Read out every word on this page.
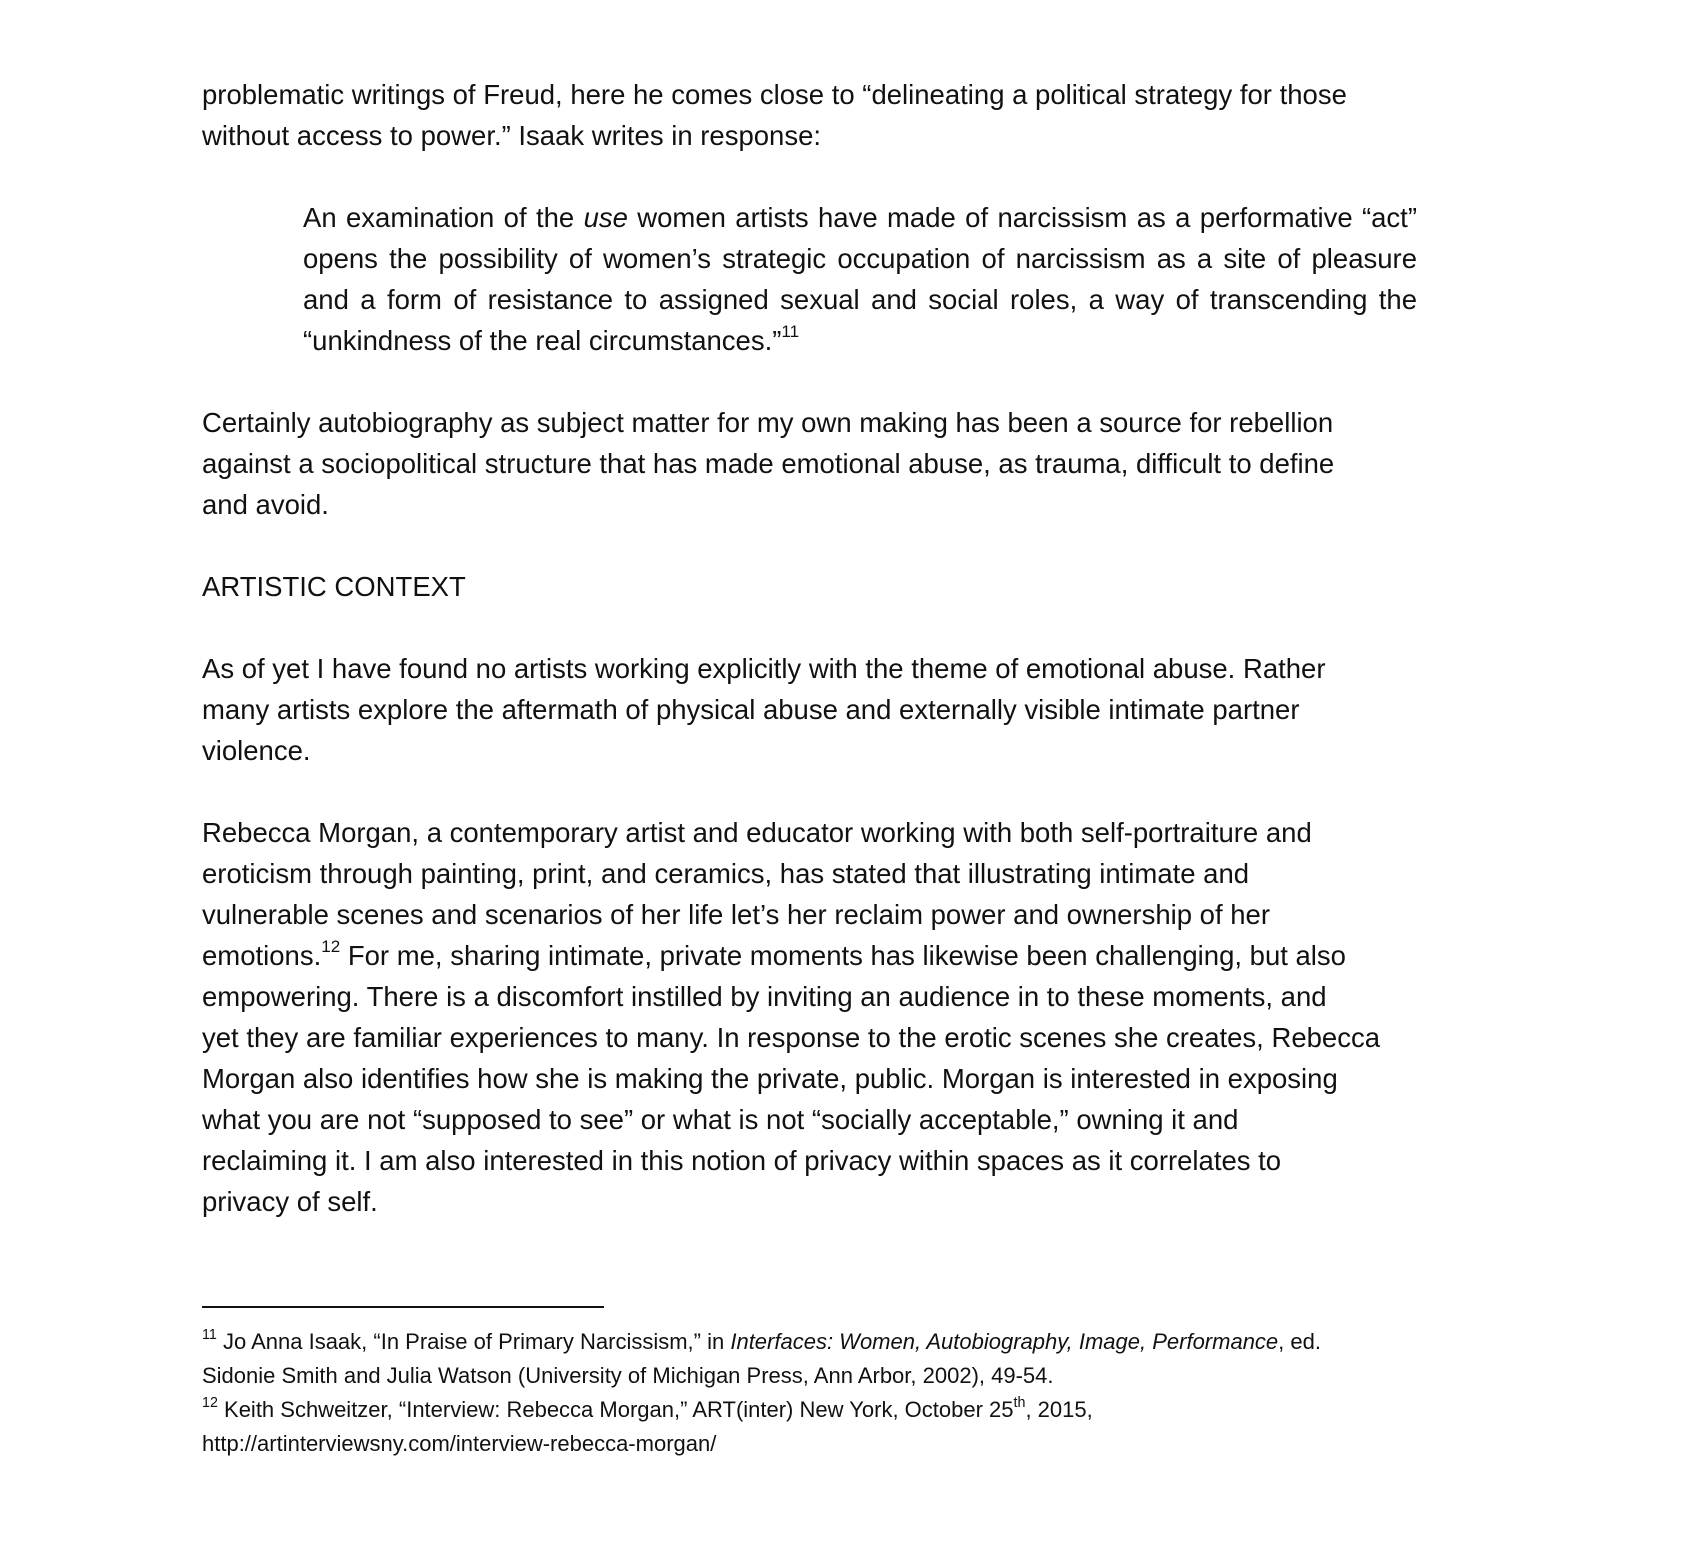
problematic writings of Freud, here he comes close to “delineating a political strategy for those
without access to power.” Isaak writes in response:

An examination of the use women artists have made of narcissism as a performative “act” opens the possibility of women’s strategic occupation of narcissism as a site of pleasure and a form of resistance to assigned sexual and social roles, a way of transcending the “unkindness of the real circumstances.”$^{11}$

Certainly autobiography as subject matter for my own making has been a source for rebellion
against a sociopolitical structure that has made emotional abuse, as trauma, difficult to define
and avoid.
ARTISTIC CONTEXT
As of yet I have found no artists working explicitly with the theme of emotional abuse. Rather
many artists explore the aftermath of physical abuse and externally visible intimate partner
violence.
Rebecca Morgan, a contemporary artist and educator working with both self-portraiture and
eroticism through painting, print, and ceramics, has stated that illustrating intimate and
vulnerable scenes and scenarios of her life let’s her reclaim power and ownership of her
emotions.$^{12}$ For me, sharing intimate, private moments has likewise been challenging, but also
empowering. There is a discomfort instilled by inviting an audience in to these moments, and
yet they are familiar experiences to many. In response to the erotic scenes she creates, Rebecca
Morgan also identifies how she is making the private, public. Morgan is interested in exposing
what you are not “supposed to see” or what is not “socially acceptable,” owning it and
reclaiming it. I am also interested in this notion of privacy within spaces as it correlates to
privacy of self.
$^{11}$ Jo Anna Isaak, “In Praise of Primary Narcissism,” in Interfaces: Women, Autobiography, Image, Performance, ed.
Sidonie Smith and Julia Watson (University of Michigan Press, Ann Arbor, 2002), 49-54.
$^{12}$ Keith Schweitzer, “Interview: Rebecca Morgan,” ART(inter) New York, October 25th, 2015,
http://artinterviewsny.com/interview-rebecca-morgan/
